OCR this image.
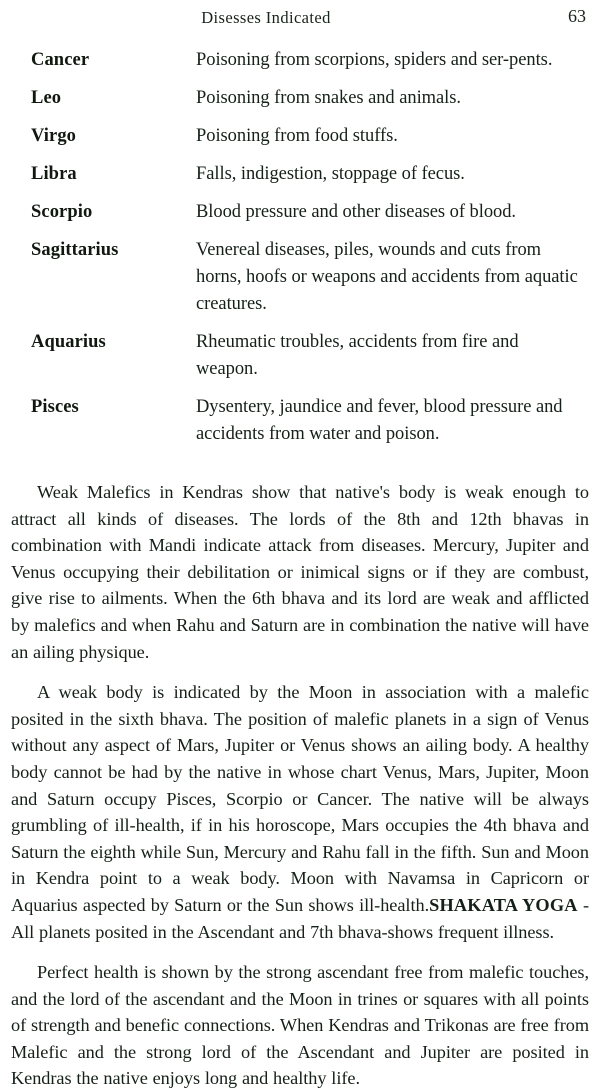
Disesses Indicated	63
Cancer	Poisoning from scorpions, spiders and ser-pents.
Leo	Poisoning from snakes and animals.
Virgo	Poisoning from food stuffs.
Libra	Falls, indigestion, stoppage of fecus.
Scorpio	Blood pressure and other diseases of blood.
Sagittarius	Venereal diseases, piles, wounds and cuts from horns, hoofs or weapons and accidents from aquatic creatures.
Aquarius	Rheumatic troubles, accidents from fire and weapon.
Pisces	Dysentery, jaundice and fever, blood pressure and accidents from water and poison.

Weak Malefics in Kendras show that native's body is weak enough to attract all kinds of diseases. The lords of the 8th and 12th bhavas in combination with Mandi indicate attack from diseases. Mercury, Jupiter and Venus occupying their debilitation or inimical signs or if they are combust, give rise to ailments. When the 6th bhava and its lord are weak and afflicted by malefics and when Rahu and Saturn are in combination the native will have an ailing physique.

A weak body is indicated by the Moon in association with a malefic posited in the sixth bhava. The position of malefic planets in a sign of Venus without any aspect of Mars, Jupiter or Venus shows an ailing body. A healthy body cannot be had by the native in whose chart Venus, Mars, Jupiter, Moon and Saturn occupy Pisces, Scorpio or Cancer. The native will be always grumbling of ill-health, if in his horoscope, Mars occupies the 4th bhava and Saturn the eighth while Sun, Mercury and Rahu fall in the fifth. Sun and Moon in Kendra point to a weak body. Moon with Navamsa in Capricorn or Aquarius aspected by Saturn or the Sun shows ill-health.SHAKATA YOGA - All planets posited in the Ascendant and 7th bhava-shows frequent illness.

Perfect health is shown by the strong ascendant free from malefic touches, and the lord of the ascendant and the Moon in trines or squares with all points of strength and benefic connections. When Kendras and Trikonas are free from Malefic and the strong lord of the Ascendant and Jupiter are posited in Kendras the native enjoys long and healthy life.
